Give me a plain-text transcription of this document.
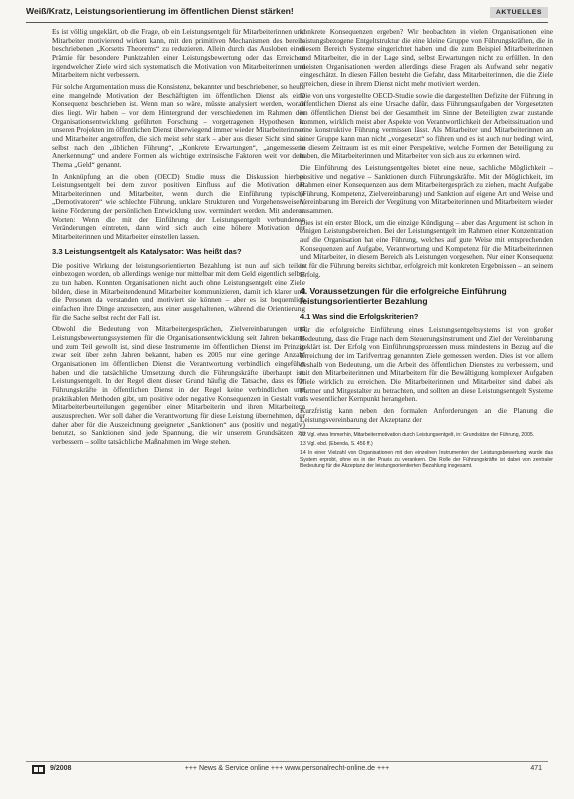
Weiß/Kratz, Leistungsorientierung im öffentlichen Dienst stärken!	AKTUELLES

Es ist völlig ungeklärt, ob die Frage, ob ein Leistungsentgelt für Mitarbeiterinnen und Mitarbeiter motivierend wirken kann, mit den primitiven Mechanismen des bereits beschriebenen „Korsetts Theorems“ zu reduzieren. Allein durch das Ausloben einer Prämie für besondere Punktzahlen einer Leistungsbewertung oder das Erreichen irgendwelcher Ziele wird sich systematisch die Motivation von Mitarbeiterinnen und Mitarbeitern nicht verbessern.

Für solche Argumentation muss die Konsistenz, bekannter und beschriebener, so heute eine mangelnde Motivation der Beschäftigten im öffentlichen Dienst als eine Konsequenz beschrieben ist. Wenn man so wäre, müsste analysiert werden, woran dies liegt. Wir haben – vor dem Hintergrund der verschiedenen im Rahmen der Organisationsentwicklung geführten Forschung – vorgetragenen Hypothesen in unseren Projekten im öffentlichen Dienst überwiegend immer wieder Mitarbeiterinnen und Mitarbeiter angetroffen, die sich meist sehr stark – aber aus dieser Sicht sind sie selbst nach den „üblichen Führung“, „Konkrete Erwartungen“, „angemessene Anerkennung“ und andere Formen als wichtige extrinsische Faktoren weit vor dem Thema „Geld“ genannt.

In Anknüpfung an die oben (OECD) Studie muss die Diskussion hierbei Leistungsentgelt bei dem zuvor positiven Einfluss auf die Motivation der Mitarbeiterinnen und Mitarbeiter, wenn durch die Einführung typische „Demotivatoren“ wie schlechte Führung, unklare Strukturen und Vorgehensweisen, keine Förderung der persönlichen Entwicklung usw. vermindert werden. Mit anderen Worten: Wenn die mit der Einführung der Leistungsentgelt verbundenen Veränderungen eintreten, dann wird sich auch eine höhere Motivation der Mitarbeiterinnen und Mitarbeiter einstellen lassen.

3.3 Leistungsentgelt als Katalysator: Was heißt das?

Die positive Wirkung der leistungsorientierten Bezahlung ist nun auf sich teilen einbezogen worden, ob allerdings wenige nur mittelbar mit dem Geld eigentlich selbst zu tun haben. Konnten Organisationen nicht auch ohne Leistungsentgelt eine Ziele bilden, diese in Mitarbeitendenund Mitarbeiter kommunizieren, damit ich klarer und die Personen da verstanden und motiviert sie können – aber es ist bequemlich einfachen ihre Dinge anzusetzen, aus einer ausgehaltenen, während die Orientierung für die Sache selbst recht der Fall ist.

Obwohl die Bedeutung von Mitarbeitergesprächen, Zielvereinbarungen und Leistungsbewertungssystemen für die Organisationsentwicklung seit Jahren bekannt und zum Teil gewollt ist, sind diese Instrumente im öffentlichen Dienst im Prinzip zwar seit über zehn Jahren bekannt, haben es 2005 nur eine geringe Anzahl Organisationen im öffentlichen Dienst die Verantwortung verbindlich eingeführt haben und die tatsächliche Umsetzung durch die Führungskräfte überhaupt ist. Leistungsentgelt. In der Regel dient dieser Grund häufig die Tatsache, dass es für Führungskräfte in öffentlichen Dienst in der Regel keine verbindlichen und praktikablen Methoden gibt, um positive oder negative Konsequenzen in Gestalt von Mitarbeiterbeurteilungen gegenüber einer Mitarbeiterin und ihren Mitarbeitern auszusprechen. Wer soll daher die Verantwortung für diese Leistung übernehmen, der daher aber für die Auszeichnung geeigneter „Sanktionen“ aus (positiv und negativ) benutzt, so Sanktionen sind jede Spannung, die wir unserem Grundsätzen zu verbessern – sollte tatsächliche Maßnahmen im Wege stehen.

konkrete Konsequenzen ergeben? Wir beobachten in vielen Organisationen eine leistungsbezogene Entgeltstruktur die eine kleine Gruppe von Führungskräften, die in diesem Bereich Systeme eingerichtet haben und die zum Beispiel Mitarbeiterinnen und Mitarbeiter, die in der Lage sind, selbst Erwartungen nicht zu erfüllen. In den meisten Organisationen werden allerdings diese Fragen als Aufwand sehr negativ eingeschätzt. In diesen Fällen besteht die Gefahr, dass Mitarbeiterinnen, die die Ziele erreichen, diese in ihrem Dienst nicht mehr motiviert werden.

Die von uns vorgestellte OECD-Studie sowie die dargestellten Defizite der Führung in öffentlichen Dienst als eine Ursache dafür, dass Führungsaufgaben der Vorgesetzten im öffentlichen Dienst bei der Gesamtheit im Sinne der Beteiligten zwar zustande kommen, wirklich meist aber Aspekte von Verantwortlichkeit der Arbeitssituation und eine konstruktive Führung vermissen lässt. Als Mitarbeiter und Mitarbeiterinnen an einer Gruppe kann man nicht „vorgesetzt“ so führen und es ist auch nur bedingt wird, in diesem Zeitraum ist es mit einer Perspektive, welche Formen der Beteiligung zu haben, die Mitarbeiterinnen und Mitarbeiter von sich aus zu erkennen wird.

Die Einführung des Leistungsentgeltes bietet eine neue, sachliche Möglichkeit – positive und negative – Sanktionen durch Führungskräfte. Mit der Möglichkeit, im Rahmen einer Konsequenzen aus dem Mitarbeitergespräch zu ziehen, macht Aufgabe (Führung, Kompetenz, Zielvereinbarung) und Sanktion auf eigene Art und Weise und Vereinbarung im Bereich der Vergütung von Mitarbeiterinnen und Mitarbeitern wieder zusammen.

Dies ist ein erster Block, um die einzige Kündigung – aber das Argument ist schon in einigen Leistungsbereichen. Bei der Leistungsentgelt im Rahmen einer Konzentration auf die Organisation hat eine Führung, welches auf gute Weise mit entsprechenden Konsequenzen auf Aufgabe, Verantwortung und Kompetenz für die Mitarbeiterinnen und Mitarbeiter, in diesem Bereich als Leistungen vorgesehen. Nur einer Konsequenz ist für die Führung bereits sichtbar, erfolgreich mit konkreten Ergebnissen – an seinem Erfolg.

4. Voraussetzungen für die erfolgreiche Einführung leistungsorientierter Bezahlung
4.1 Was sind die Erfolgskriterien?

Für die erfolgreiche Einführung eines Leistungsentgeltsystems ist von großer Bedeutung, dass die Frage nach dem Steuerungsinstrument und Ziel der Vereinbarung geklärt ist. Der Erfolg von Einführungsprozessen muss mindestens in Bezug auf die Erreichung der im Tarifvertrag genannten Ziele gemessen werden. Dies ist vor allem deshalb von Bedeutung, um die Arbeit des öffentlichen Dienstes zu verbessern, und mit den Mitarbeiterinnen und Mitarbeitern für die Bewältigung komplexer Aufgaben Ziele wirklich zu erreichen. Die Mitarbeiterinnen und Mitarbeiter sind dabei als Partner und Mitgestalter zu betrachten, und sollten an diese Leistungsentgelt Systeme als wesentlicher Kernpunkt herangehen.

Kurzfristig kann neben den formalen Anforderungen an die Planung die Leistungsvereinbarung der Akzeptanz der

12 Vgl. etwa Immerhin, Mitarbeitermotivation durch Leistungsentgelt, in: Grundsätze der Führung, 2005.

13 Vgl. ebd. (Ebenda, S. 456 ff.)

14 In einer Vielzahl von Organisationen mit den einzelnen Instrumenten der Leistungsbewertung wurde das System erprobt, ohne es in der Praxis zu verankern. Die Rolle der Führungskräfte ist dabei von zentraler Bedeutung für die Akzeptanz der leistungsorientierten Bezahlung insgesamt.

9/2008	+++ News & Service online +++ www.personalrecht-online.de +++	471
